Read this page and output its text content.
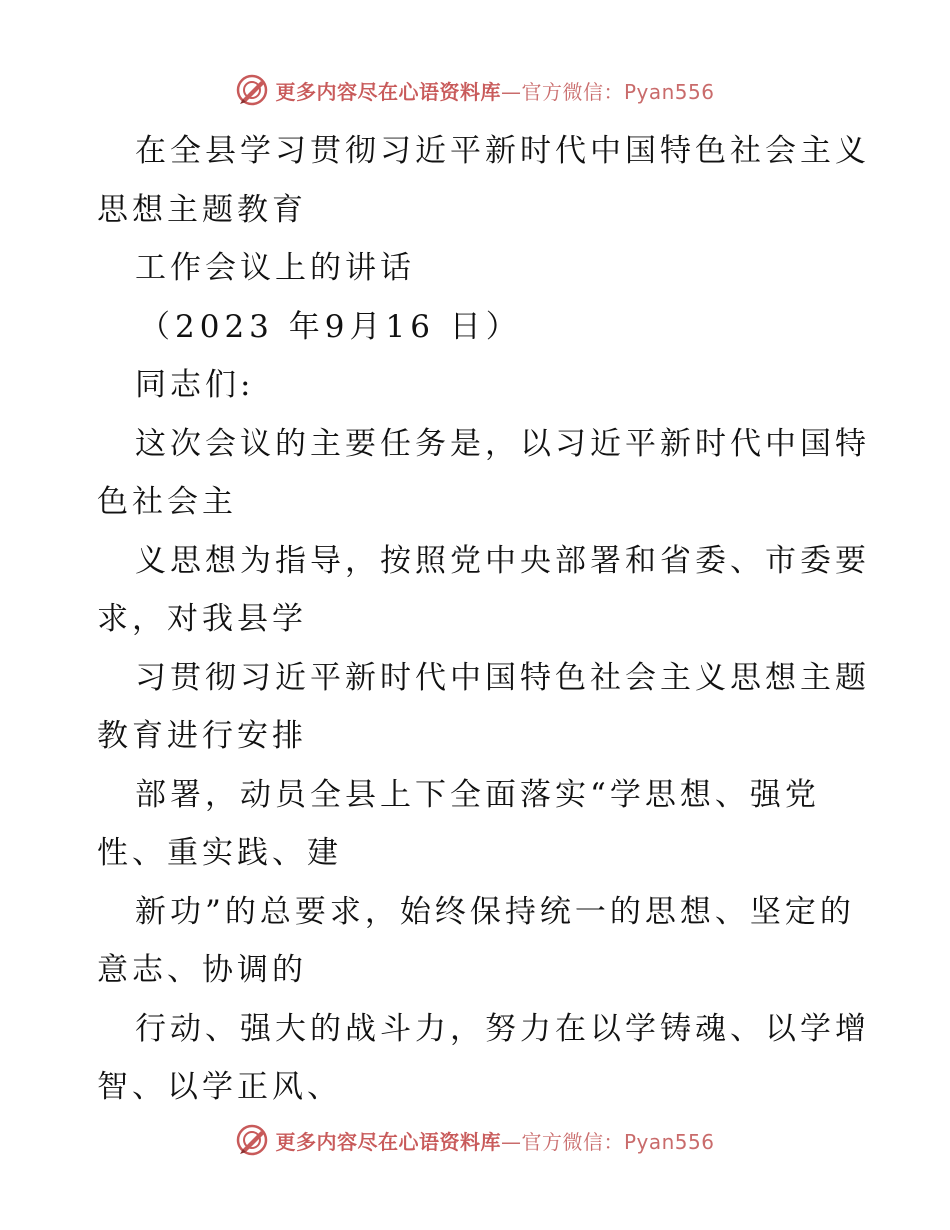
更多内容尽在心语资料库—官方微信：Pyan556
在全县学习贯彻习近平新时代中国特色社会主义
思想主题教育
工作会议上的讲话
（2023 年9月16 日）
同志们:
这次会议的主要任务是，以习近平新时代中国特
色社会主
义思想为指导，按照党中央部署和省委、市委要
求，对我县学
习贯彻习近平新时代中国特色社会主义思想主题
教育进行安排
部署，动员全县上下全面落实“学思想、强党
性、重实践、建
新功”的总要求，始终保持统一的思想、坚定的
意志、协调的
行动、强大的战斗力，努力在以学铸魂、以学增
智、以学正风、
更多内容尽在心语资料库—官方微信：Pyan556
